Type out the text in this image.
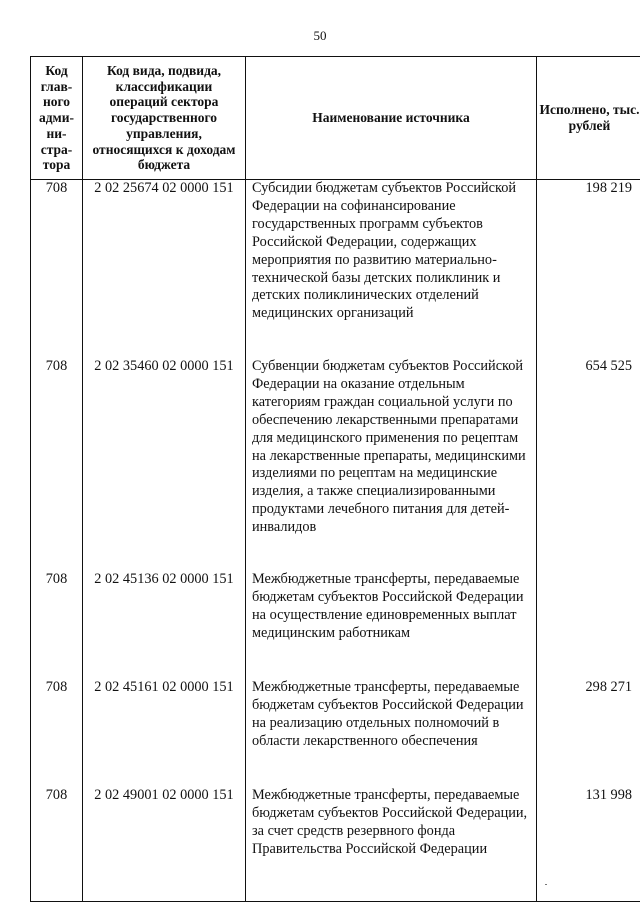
50
Код глав-ного адми-ни-стра-тора	Код вида, подвида, классификации операций сектора государственного управления, относящихся к доходам бюджета	Наименование источника	Исполнено, тыс. рублей
708	2 02 25674 02 0000 151	Субсидии бюджетам субъектов Российской Федерации на софинансирование государственных программ субъектов Российской Федерации, содержащих мероприятия по развитию материально-технической базы детских поликлиник и детских поликлинических отделений медицинских организаций	198 219
708	2 02 35460 02 0000 151	Субвенции бюджетам субъектов Российской Федерации на оказание отдельным категориям граждан социальной услуги по обеспечению лекарственными препаратами для медицинского применения по рецептам на лекарственные препараты, медицинскими изделиями по рецептам на медицинские изделия, а также специализированными продуктами лечебного питания для детей-инвалидов	654 525
708	2 02 45136 02 0000 151	Межбюджетные трансферты, передаваемые бюджетам субъектов Российской Федерации на осуществление единовременных выплат медицинским работникам	
708	2 02 45161 02 0000 151	Межбюджетные трансферты, передаваемые бюджетам субъектов Российской Федерации на реализацию отдельных полномочий в области лекарственного обеспечения	298 271
708	2 02 49001 02 0000 151	Межбюджетные трансферты, передаваемые бюджетам субъектов Российской Федерации, за счет средств резервного фонда Правительства Российской Федерации	131 998
